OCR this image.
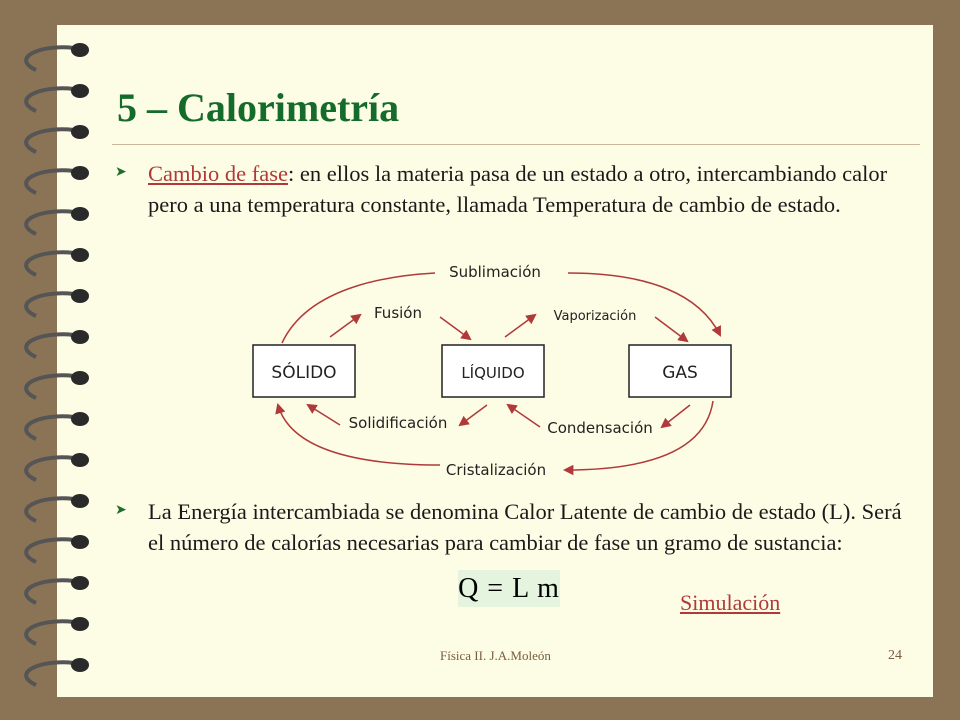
5 – Calorimetría
➤ Cambio de fase: en ellos la materia pasa de un estado a otro, intercambiando calor pero a una temperatura constante, llamada Temperatura de cambio de estado.
SÓLIDO	LÍQUIDO	GAS
Sublimación
Fusión	Vaporización
Solidificación	Condensación
Cristalización
➤ La Energía intercambiada se denomina Calor Latente de cambio de estado (L). Será el número de calorías necesarias para cambiar de fase un gramo de sustancia:
Q = L m	Simulación
Física II. J.A.Moleón	24
